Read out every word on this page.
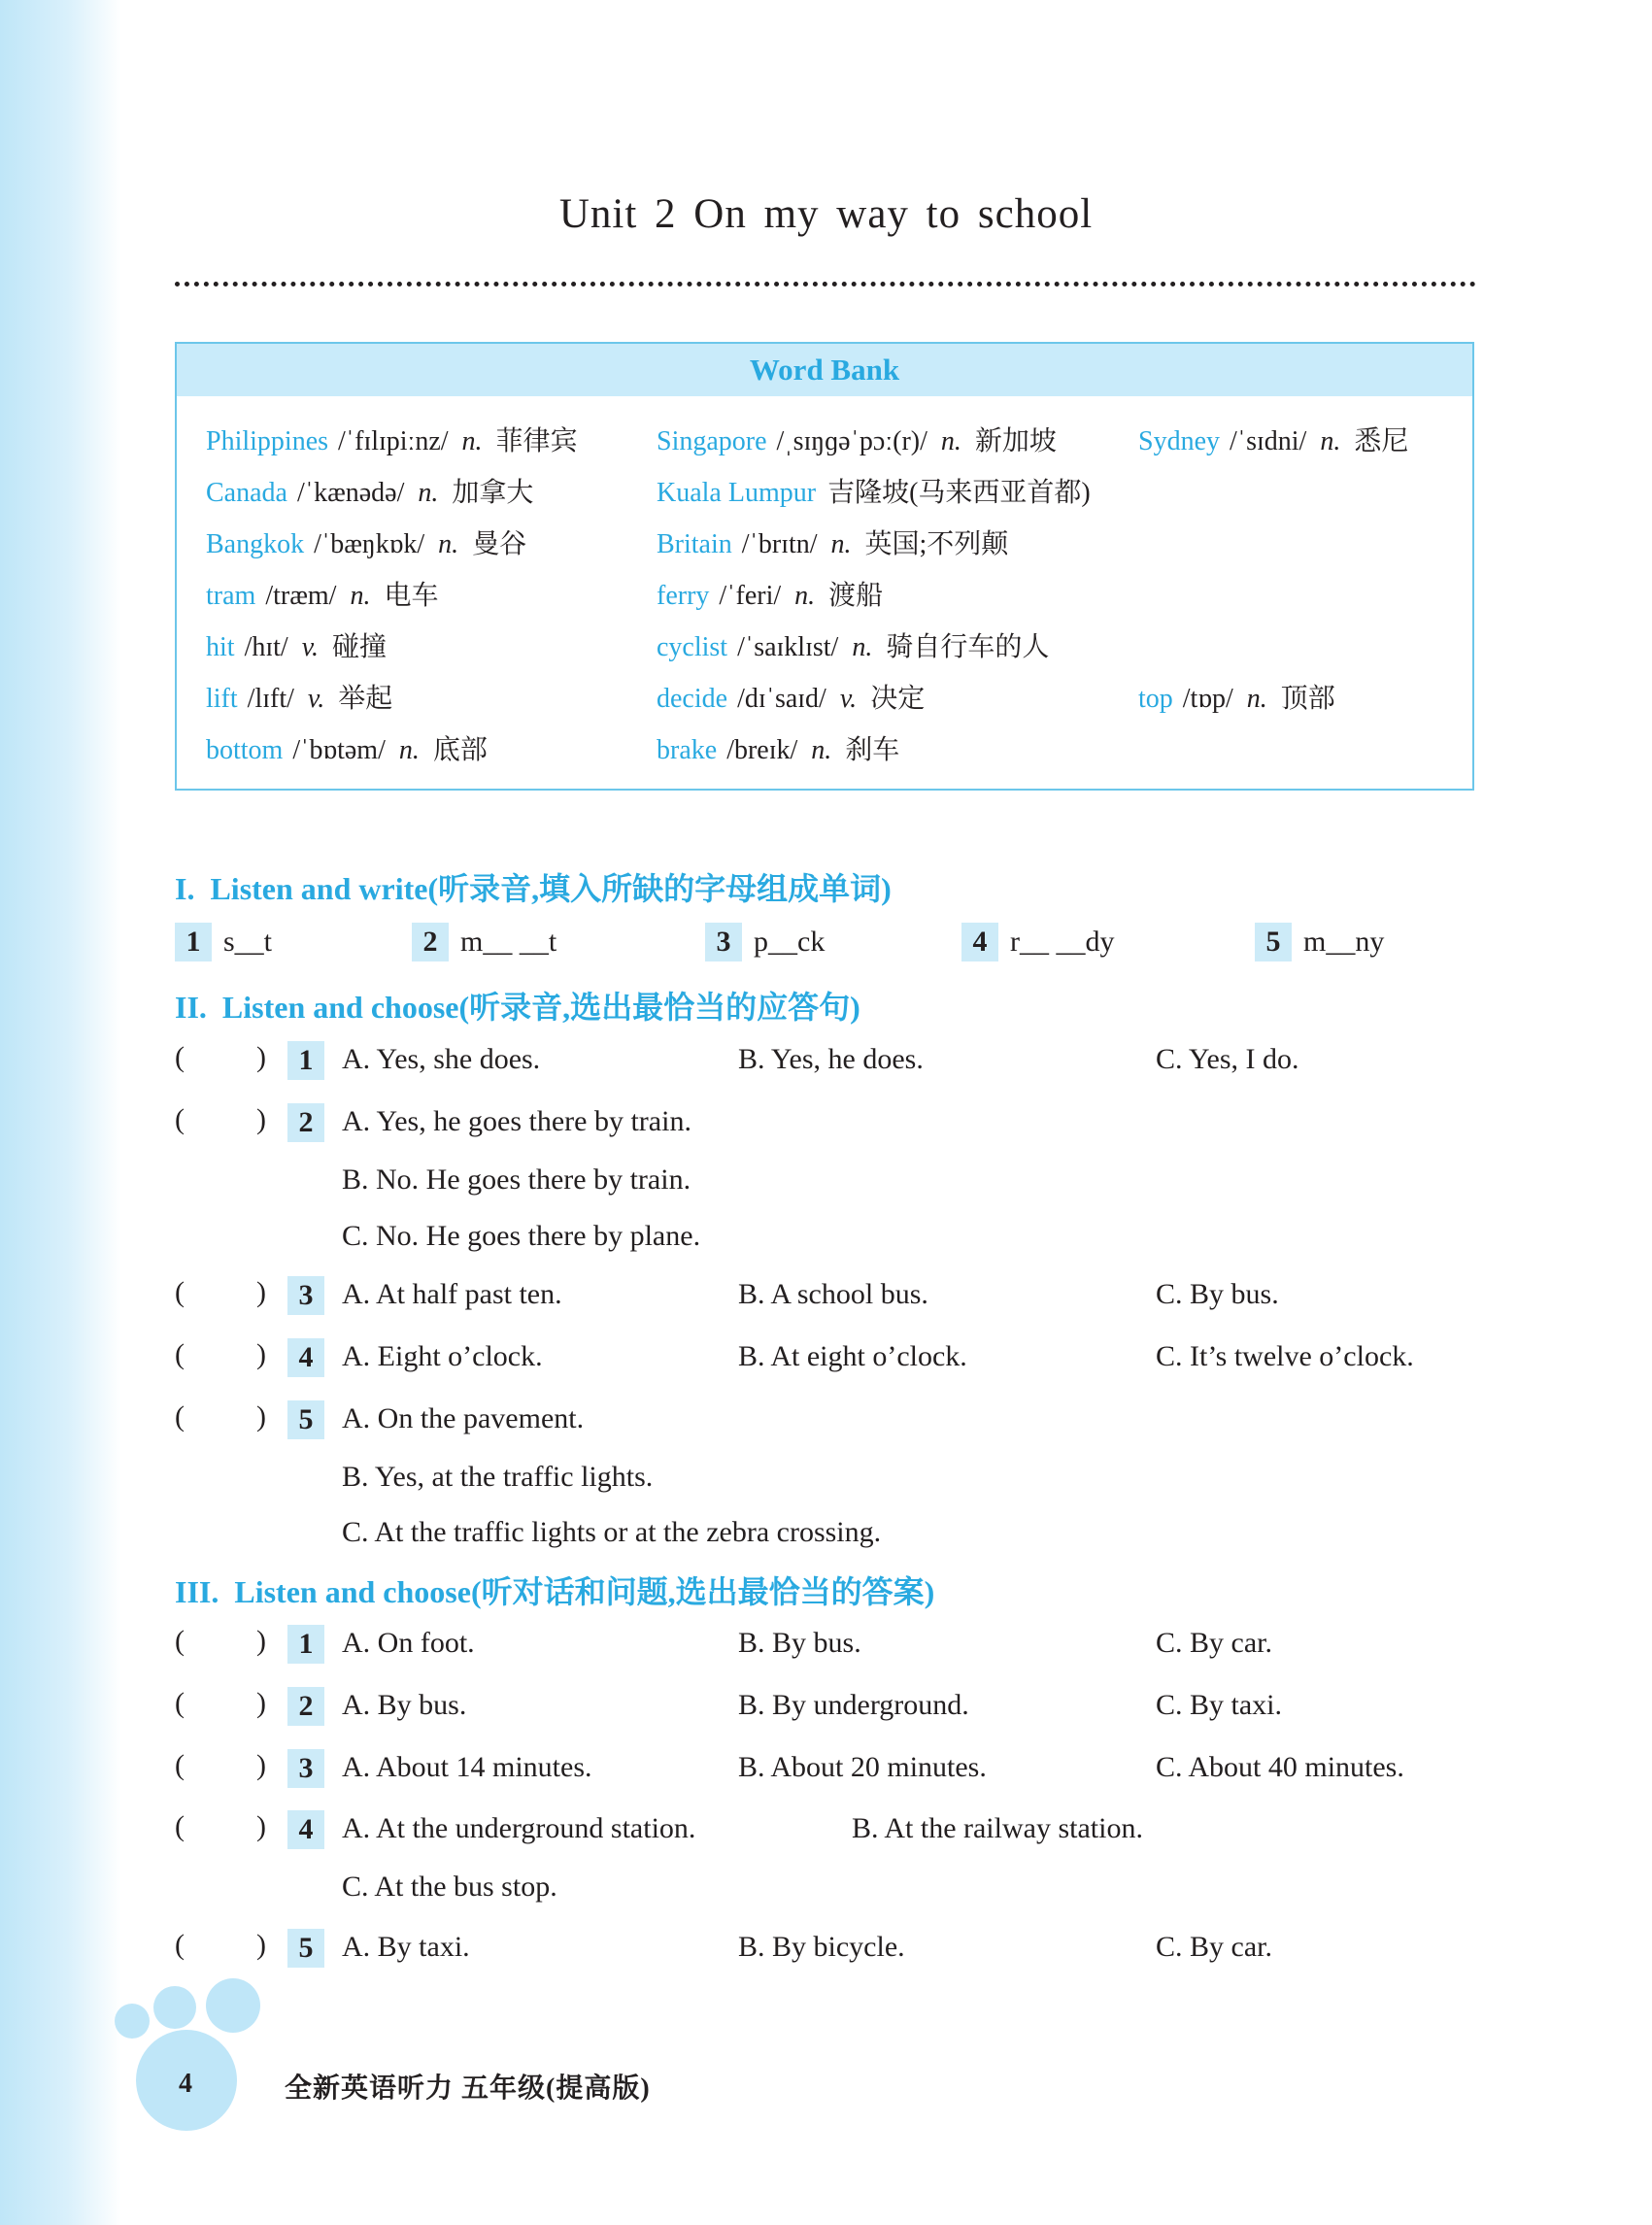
Unit 2 On my way to school
Word Bank
Philippines /ˈfɪlɪpiːnz/ n. 菲律宾	Singapore /ˌsɪŋɡəˈpɔː(r)/ n. 新加坡	Sydney /ˈsɪdni/ n. 悉尼
Canada /ˈkænədə/ n. 加拿大	Kuala Lumpur 吉隆坡(马来西亚首都)
Bangkok /ˈbæŋkɒk/ n. 曼谷	Britain /ˈbrɪtn/ n. 英国;不列颠
tram /træm/ n. 电车	ferry /ˈferi/ n. 渡船
hit /hɪt/ v. 碰撞	cyclist /ˈsaɪklɪst/ n. 骑自行车的人
lift /lɪft/ v. 举起	decide /dɪˈsaɪd/ v. 决定	top /tɒp/ n. 顶部
bottom /ˈbɒtəm/ n. 底部	brake /breɪk/ n. 刹车
I. Listen and write(听录音,填入所缺的字母组成单词)
1 s__t	2 m__ __t	3 p__ck	4 r__ __dy	5 m__ny
II. Listen and choose(听录音,选出最恰当的应答句)
( )	1 A. Yes, she does.	B. Yes, he does.	C. Yes, I do.
( )	2 A. Yes, he goes there by train.
B. No. He goes there by train.
C. No. He goes there by plane.
( )	3 A. At half past ten.	B. A school bus.	C. By bus.
( )	4 A. Eight o’clock.	B. At eight o’clock.	C. It’s twelve o’clock.
( )	5 A. On the pavement.
B. Yes, at the traffic lights.
C. At the traffic lights or at the zebra crossing.
III. Listen and choose(听对话和问题,选出最恰当的答案)
( )	1 A. On foot.	B. By bus.	C. By car.
( )	2 A. By bus.	B. By underground.	C. By taxi.
( )	3 A. About 14 minutes.	B. About 20 minutes.	C. About 40 minutes.
( )	4 A. At the underground station.	B. At the railway station.
C. At the bus stop.
( )	5 A. By taxi.	B. By bicycle.	C. By car.
4	全新英语听力 五年级(提高版)
